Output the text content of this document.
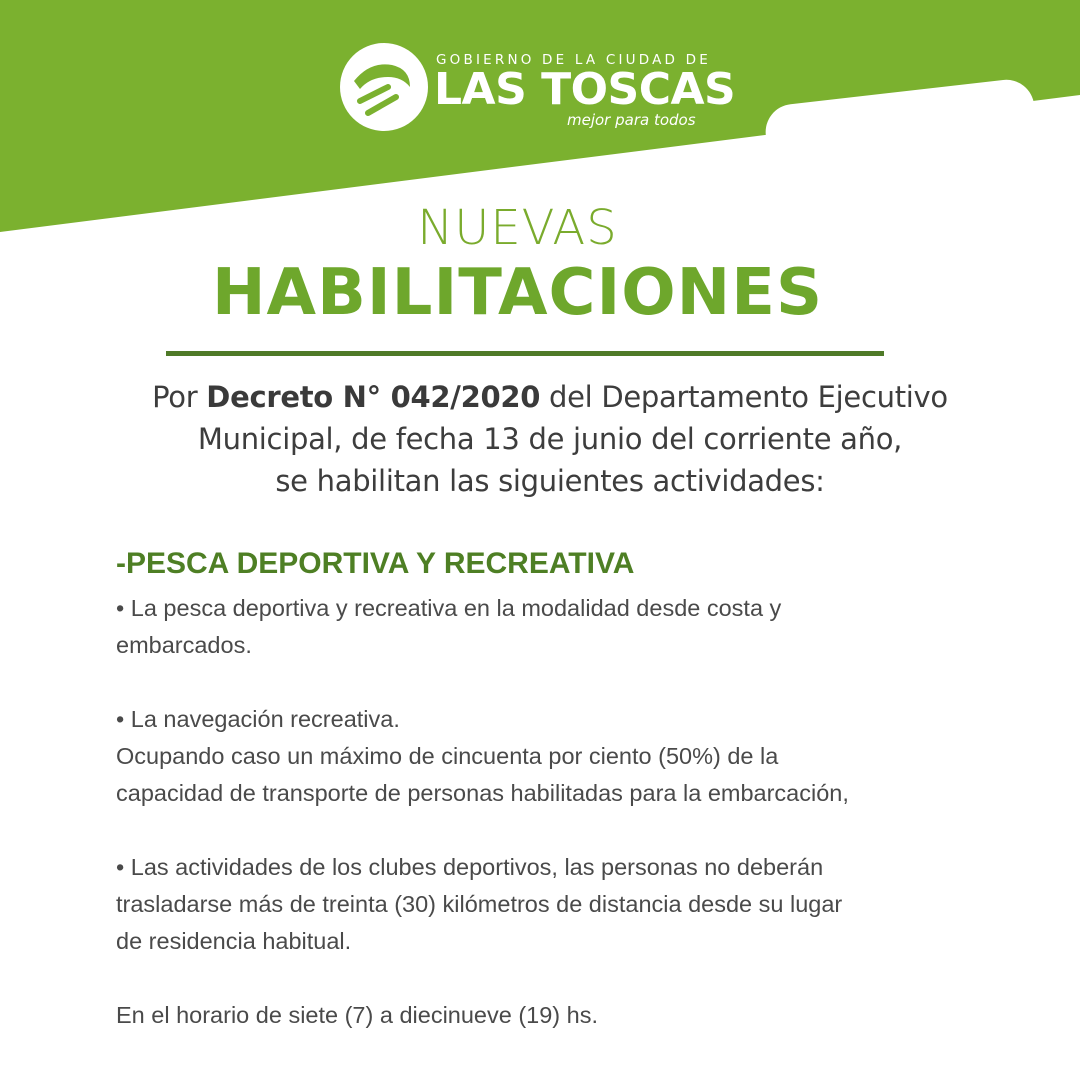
GOBIERNO DE LA CIUDAD DE
LAS TOSCAS
mejor para todos
NUEVAS
HABILITACIONES

Por Decreto N° 042/2020 del Departamento Ejecutivo

Municipal, de fecha 13 de junio del corriente año,

se habilitan las siguientes actividades:

-PESCA DEPORTIVA Y RECREATIVA

• La pesca deportiva y recreativa en la modalidad desde costa y
embarcados.

• La navegación recreativa.
Ocupando caso un máximo de cincuenta por ciento (50%) de la
capacidad de transporte de personas habilitadas para la embarcación,

• Las actividades de los clubes deportivos, las personas no deberán
trasladarse más de treinta (30) kilómetros de distancia desde su lugar
de residencia habitual.

En el horario de siete (7) a diecinueve (19) hs.
